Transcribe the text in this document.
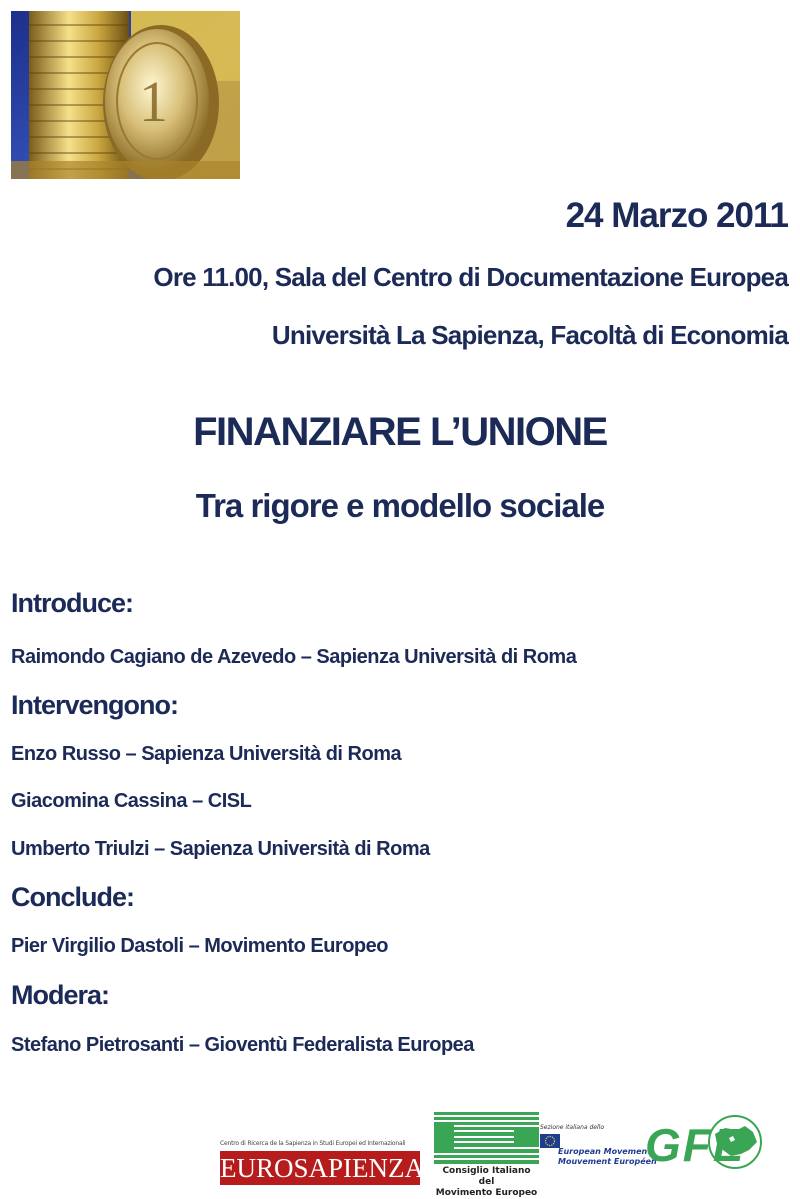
1
24 Marzo 2011
Ore 11.00, Sala del Centro di Documentazione Europea
Università La Sapienza, Facoltà di Economia
FINANZIARE L’UNIONE
Tra rigore e modello sociale
Introduce:
Raimondo Cagiano de Azevedo – Sapienza Università di Roma
Intervengono:
Enzo Russo – Sapienza Università di Roma
Giacomina Cassina – CISL
Umberto Triulzi – Sapienza Università di Roma
Conclude:
Pier Virgilio Dastoli – Movimento Europeo
Modera:
Stefano Pietrosanti – Gioventù Federalista Europea
Centro di Ricerca de la Sapienza in Studi Europei ed Internazionali
EUROSAPIENZA	Consiglio Italiano del
Movimento Europeo
Sezione italiana dello
European Movement
Mouvement Européen
GFE
